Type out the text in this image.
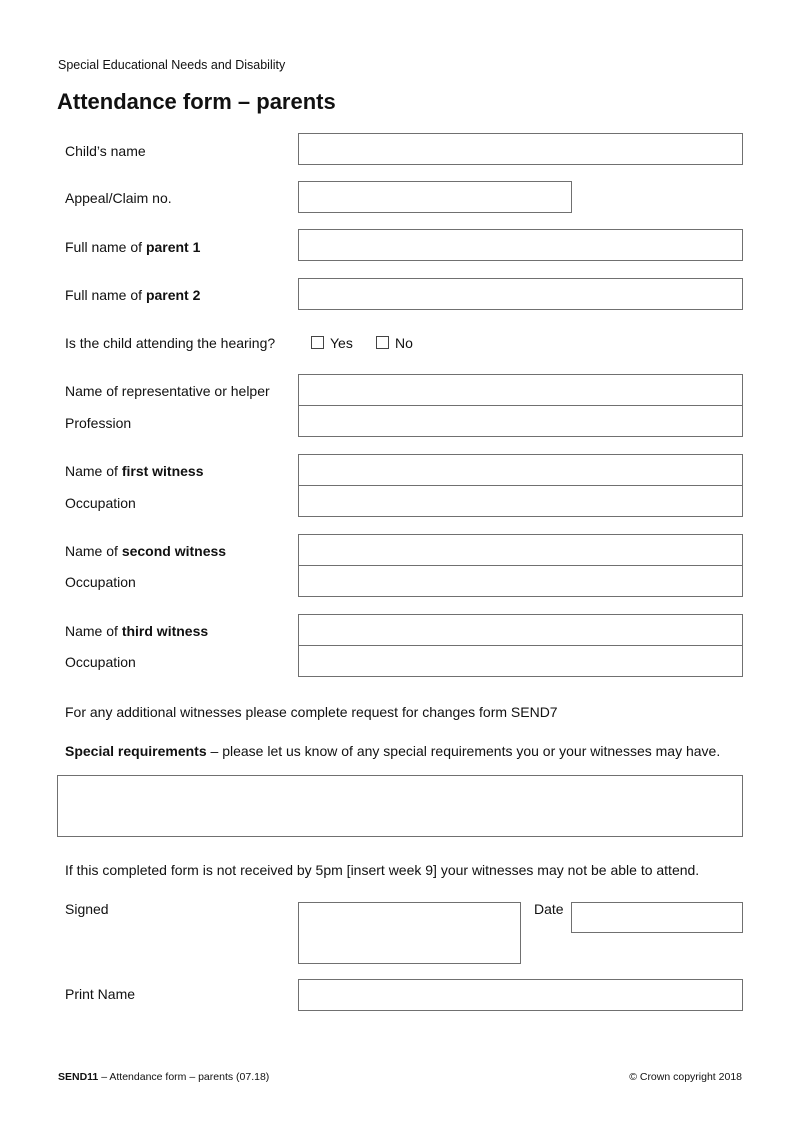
Special Educational Needs and Disability
Attendance form – parents
Child’s name
Appeal/Claim no.
Full name of parent 1
Full name of parent 2
Is the child attending the hearing?	Yes	No
Name of representative or helper
Profession
Name of first witness
Occupation
Name of second witness
Occupation
Name of third witness
Occupation
For any additional witnesses please complete request for changes form SEND7
Special requirements – please let us know of any special requirements you or your witnesses may have.
If this completed form is not received by 5pm [insert week 9] your witnesses may not be able to attend.
Signed	Date
Print Name
SEND11 – Attendance form – parents (07.18)	© Crown copyright 2018
